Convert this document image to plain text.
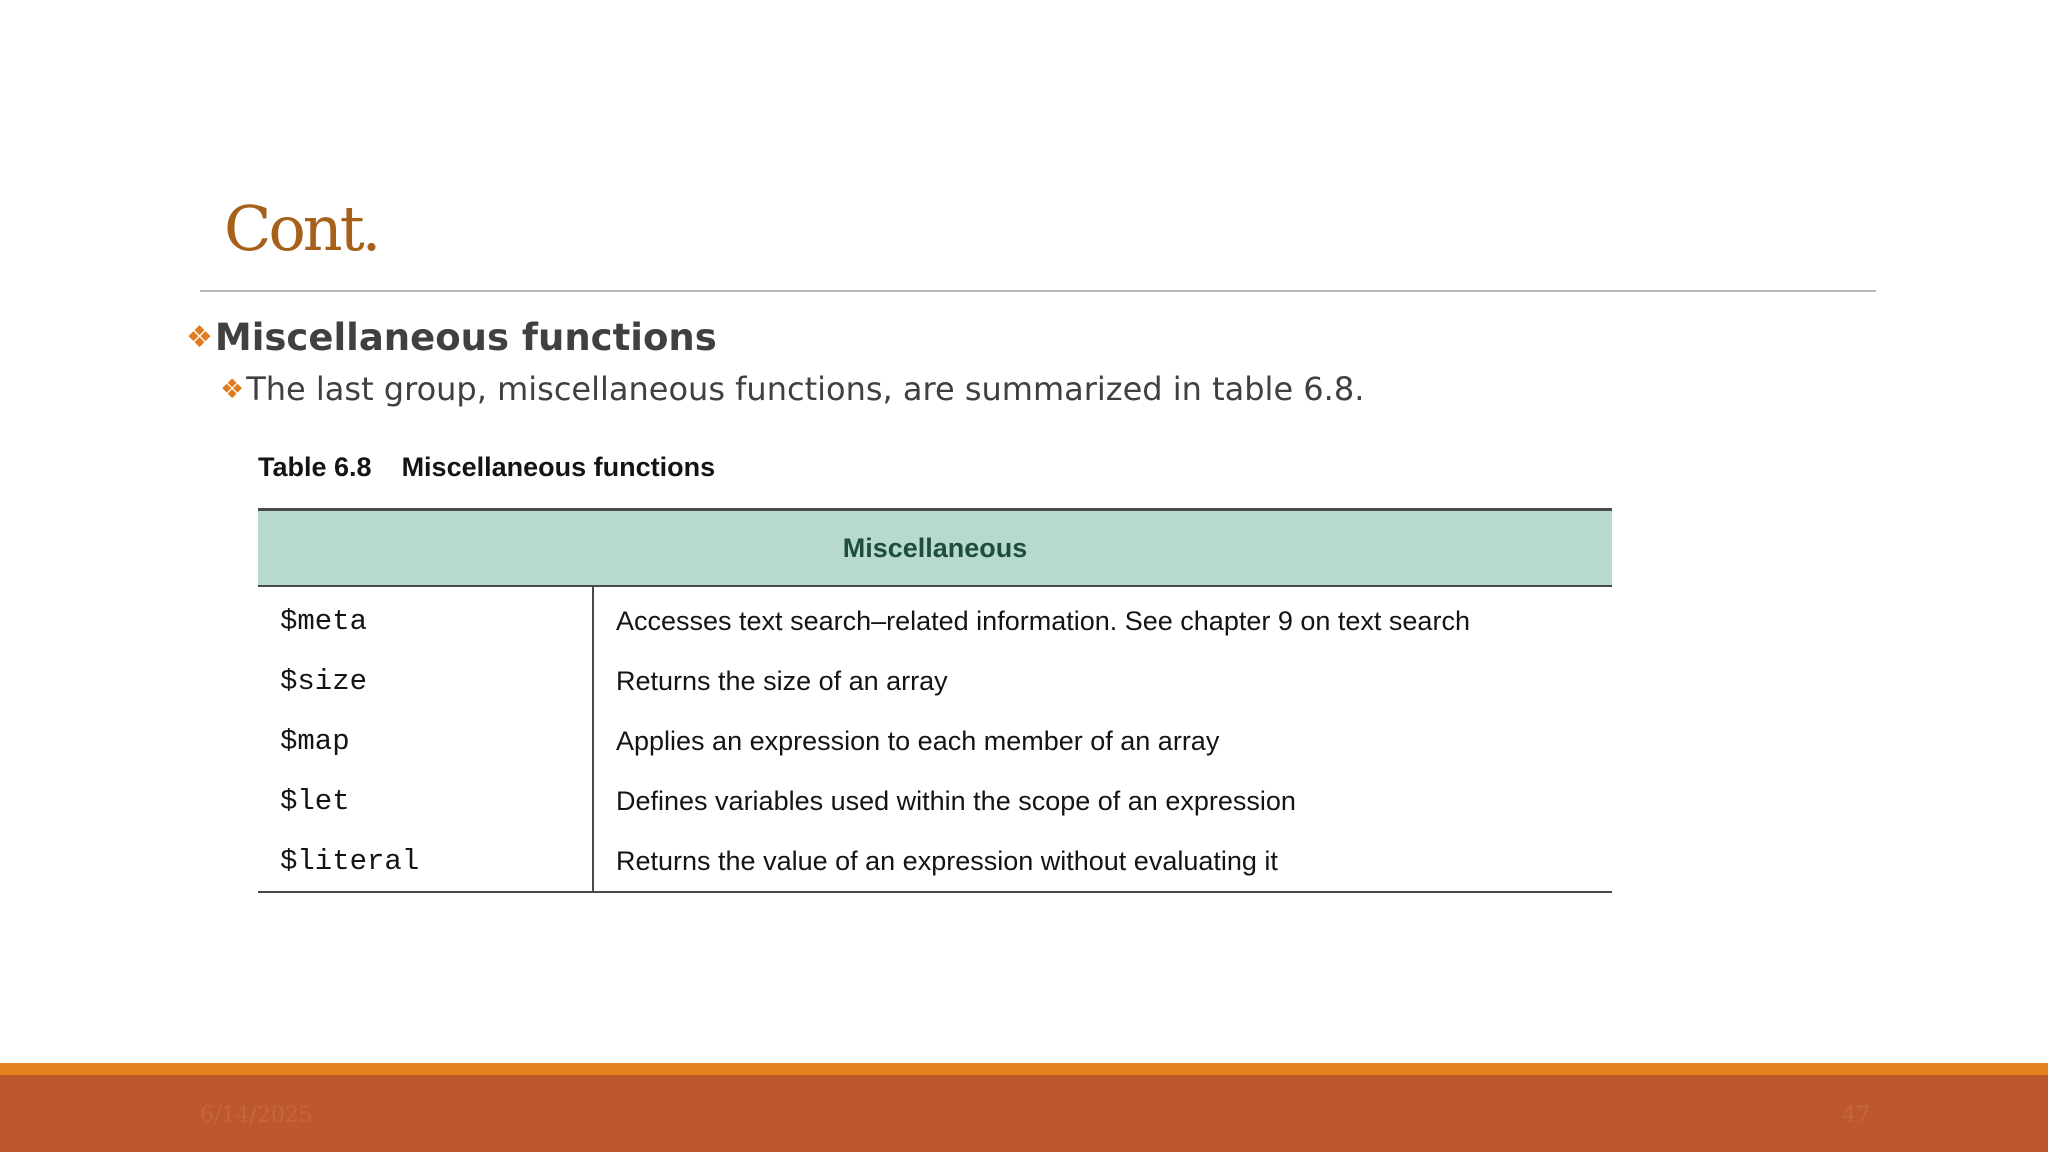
Cont.
❖ Miscellaneous functions
❖ The last group, miscellaneous functions, are summarized in table 6.8.
Table 6.8 Miscellaneous functions
Miscellaneous	
$meta	Accesses text search–related information. See chapter 9 on text search
$size	Returns the size of an array
$map	Applies an expression to each member of an array
$let	Defines variables used within the scope of an expression
$literal	Returns the value of an expression without evaluating it
6/14/2025	47
